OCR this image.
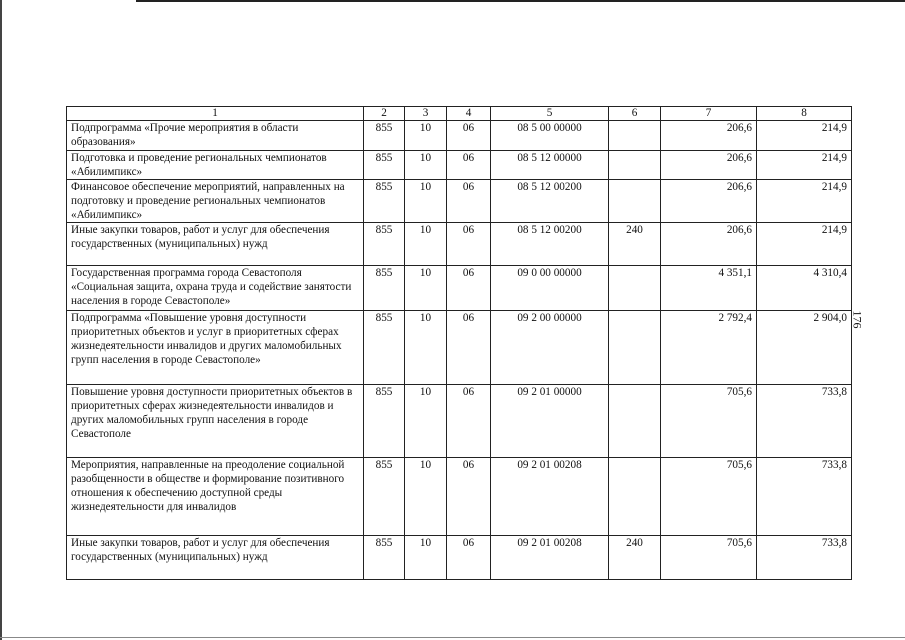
176
1	2	3	4	5	6	7	8
Подпрограмма «Прочие мероприятия в области образования»	855	10	06	08 5 00 00000		206,6	214,9
Подготовка и проведение региональных чемпионатов «Абилимпикс»	855	10	06	08 5 12 00000		206,6	214,9
Финансовое обеспечение мероприятий, направленных на подготовку и проведение региональных чемпионатов «Абилимпикс»	855	10	06	08 5 12 00200		206,6	214,9
Иные закупки товаров, работ и услуг для обеспечения государственных (муниципальных) нужд	855	10	06	08 5 12 00200	240	206,6	214,9
Государственная программа города Севастополя «Социальная защита, охрана труда и содействие занятости населения в городе Севастополе»	855	10	06	09 0 00 00000		4 351,1	4 310,4
Подпрограмма «Повышение уровня доступности приоритетных объектов и услуг в приоритетных сферах жизнедеятельности инвалидов и других маломобильных групп населения в городе Севастополе»	855	10	06	09 2 00 00000		2 792,4	2 904,0
Повышение уровня доступности приоритетных объектов в приоритетных сферах жизнедеятельности инвалидов и других маломобильных групп населения в городе Севастополе	855	10	06	09 2 01 00000		705,6	733,8
Мероприятия, направленные на преодоление социальной разобщенности в обществе и формирование позитивного отношения к обеспечению доступной среды жизнедеятельности для инвалидов	855	10	06	09 2 01 00208		705,6	733,8
Иные закупки товаров, работ и услуг для обеспечения государственных (муниципальных) нужд	855	10	06	09 2 01 00208	240	705,6	733,8
